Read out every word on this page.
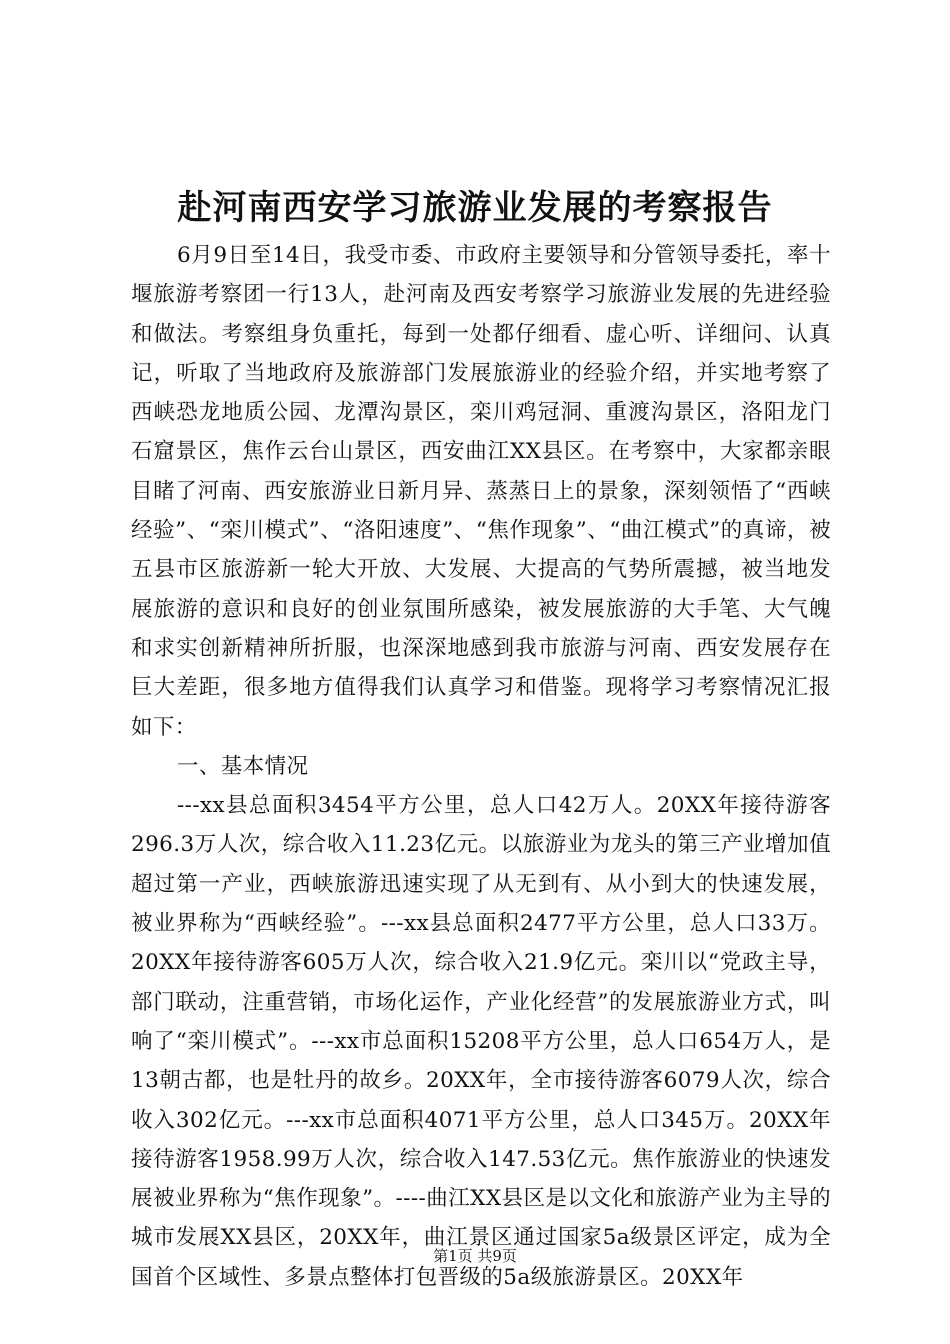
赴河南西安学习旅游业发展的考察报告

6月9日至14日，我受市委、市政府主要领导和分管领导委托，率十堰旅游考察团一行13人，赴河南及西安考察学习旅游业发展的先进经验和做法。考察组身负重托，每到一处都仔细看、虚心听、详细问、认真记，听取了当地政府及旅游部门发展旅游业的经验介绍，并实地考察了西峡恐龙地质公园、龙潭沟景区，栾川鸡冠洞、重渡沟景区，洛阳龙门石窟景区，焦作云台山景区，西安曲江XX县区。在考察中，大家都亲眼目睹了河南、西安旅游业日新月异、蒸蒸日上的景象，深刻领悟了“西峡经验”、“栾川模式”、“洛阳速度”、“焦作现象”、“曲江模式”的真谛，被五县市区旅游新一轮大开放、大发展、大提高的气势所震撼，被当地发展旅游的意识和良好的创业氛围所感染，被发展旅游的大手笔、大气魄和求实创新精神所折服，也深深地感到我市旅游与河南、西安发展存在巨大差距，很多地方值得我们认真学习和借鉴。现将学习考察情况汇报如下：

一、基本情况

---xx县总面积3454平方公里，总人口42万人。20XX年接待游客296.3万人次，综合收入11.23亿元。以旅游业为龙头的第三产业增加值超过第一产业，西峡旅游迅速实现了从无到有、从小到大的快速发展，被业界称为“西峡经验”。---xx县总面积2477平方公里，总人口33万。20XX年接待游客605万人次，综合收入21.9亿元。栾川以“党政主导，部门联动，注重营销，市场化运作，产业化经营”的发展旅游业方式，叫响了“栾川模式”。---xx市总面积15208平方公里，总人口654万人，是13朝古都，也是牡丹的故乡。20XX年，全市接待游客6079人次，综合收入302亿元。---xx市总面积4071平方公里，总人口345万。20XX年接待游客1958.99万人次，综合收入147.53亿元。焦作旅游业的快速发展被业界称为“焦作现象”。----曲江XX县区是以文化和旅游产业为主导的城市发展XX县区，20XX年，曲江景区通过国家5a级景区评定，成为全国首个区域性、多景点整体打包晋级的5a级旅游景区。20XX年

第1页 共9页
